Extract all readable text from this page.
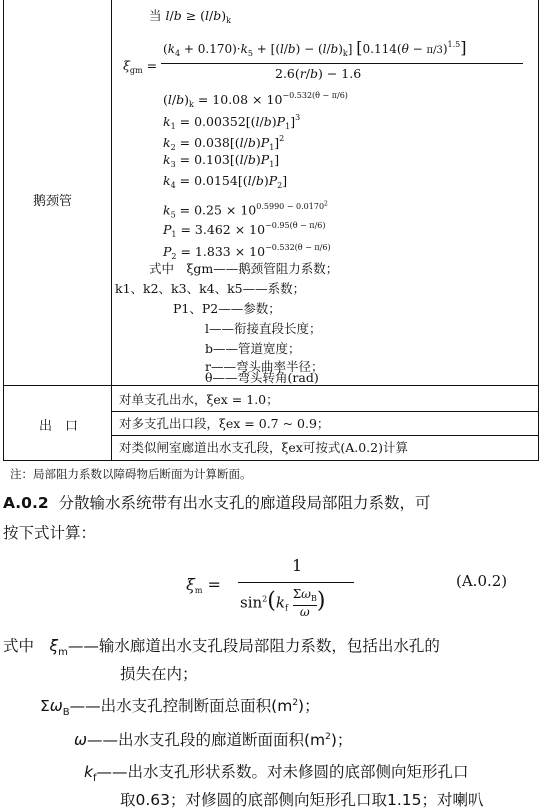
鹅颈管
出　口
当 $l/b \ge (l/b)_k$
$\xi_{gm}$ =
$(k_4 + 0.170)\cdot k_5 + [(l/b) - (l/b)_k] [0.114(\theta - \pi/3)^{1.5}]$
2.6(r/b) − 1.6
$(l/b)_k = 10.08 \times 10^{-0.532(\theta - \pi/6)}$
$k_1 = 0.00352[(l/b)P_1]^3$
$k_2 = 0.038[(l/b)P_1]^2$
$k_3 = 0.103[(l/b)P_1]$
$k_4 = 0.0154[(l/b)P_2]$
$k_5 = 0.25 \times 10^{0.5990 - 0.0170^2}$
$P_1 = 3.462 \times 10^{-0.95(\theta - \pi/6)}$
$P_2 = 1.833 \times 10^{-0.532(\theta - \pi/6)}$
式中　ξgm——鹅颈管阻力系数；
k1、k2、k3、k4、k5——系数；
P1、P2——参数；
l——衔接直段长度；
b——管道宽度；
r——弯头曲率半径；
θ——弯头转角(rad)
对单支孔出水，ξex = 1.0；
对多支孔出口段，ξex = 0.7 ~ 0.9；
对类似闸室廊道出水支孔段，ξex可按式(A.0.2)计算
注：局部阻力系数以障碍物后断面为计算断面。
A.0.2 分散输水系统带有出水支孔的廊道段局部阻力系数，可
按下式计算：
$\xi_m$ =
1
$\sin^2(k_f$
$\Sigma\omega_B$
ω )
(A.0.2)
式中　$\xi_m——$输水廊道出水支孔段局部阻力系数，包括出水孔的
损失在内；
$\Sigma\omega_B——$出水支孔控制断面总面积$(m^2)$；
ω——出水支孔段的廊道断面面积$(m^2)$；
$k_f——$出水支孔形状系数。对未修圆的底部侧向矩形孔口
取0.63；对修圆的底部侧向矩形孔口取1.15；对喇叭
